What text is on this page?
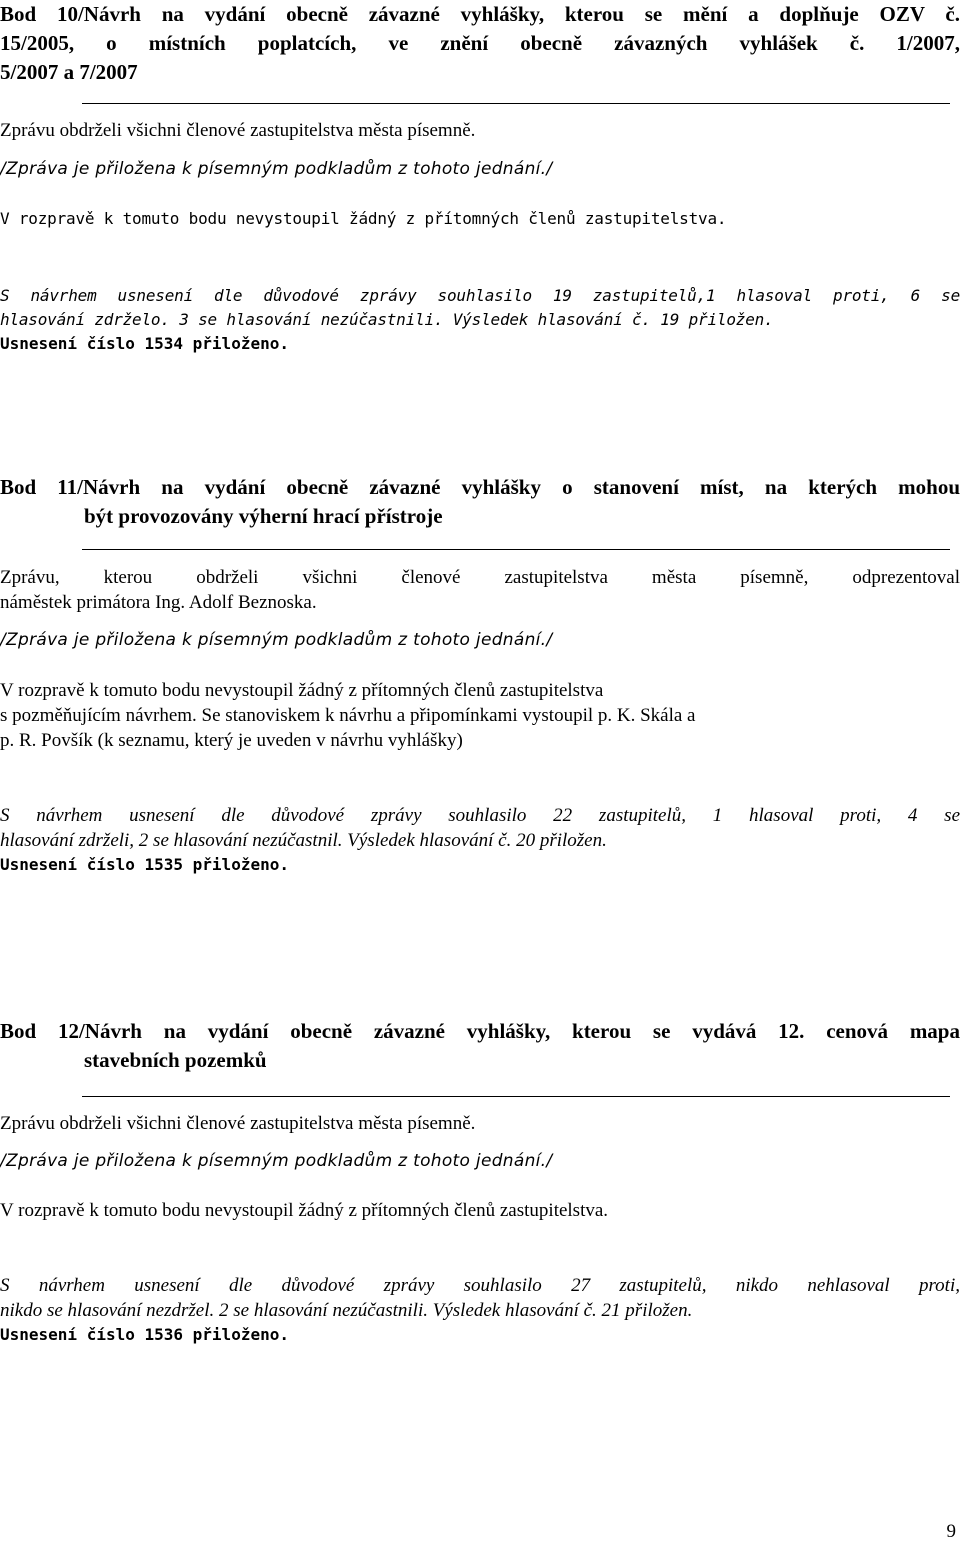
Bod 10/Návrh na vydání obecně závazné vyhlášky, kterou se mění a doplňuje OZV č.
15/2005, o místních poplatcích, ve znění obecně závazných vyhlášek č. 1/2007,
5/2007 a 7/2007

Zprávu obdrželi všichni členové zastupitelstva města písemně.

/Zpráva je přiložena k písemným podkladům z tohoto jednání./

V rozpravě k tomuto bodu nevystoupil žádný z přítomných členů zastupitelstva.

S návrhem usnesení dle důvodové zprávy souhlasilo 19 zastupitelů,1 hlasoval proti, 6 se

hlasování zdrželo. 3 se hlasování nezúčastnili. Výsledek hlasování č. 19 přiložen.

Usnesení číslo 1534 přiloženo.

Bod 11/Návrh na vydání obecně závazné vyhlášky o stanovení míst, na kterých mohou
být provozovány výherní hrací přístroje

Zprávu, kterou obdrželi všichni členové zastupitelstva města písemně, odprezentoval

náměstek primátora Ing. Adolf Beznoska.

/Zpráva je přiložena k písemným podkladům z tohoto jednání./

V rozpravě k tomuto bodu nevystoupil žádný z přítomných členů zastupitelstva

s pozměňujícím návrhem. Se stanoviskem k návrhu a připomínkami vystoupil p. K. Skála a

p. R. Povšík (k seznamu, který je uveden v návrhu vyhlášky)

S návrhem usnesení dle důvodové zprávy souhlasilo 22 zastupitelů, 1 hlasoval proti, 4 se

hlasování zdrželi, 2 se hlasování nezúčastnil. Výsledek hlasování č. 20 přiložen.

Usnesení číslo 1535 přiloženo.

Bod 12/Návrh na vydání obecně závazné vyhlášky, kterou se vydává 12. cenová mapa
stavebních pozemků

Zprávu obdrželi všichni členové zastupitelstva města písemně.

/Zpráva je přiložena k písemným podkladům z tohoto jednání./

V rozpravě k tomuto bodu nevystoupil žádný z přítomných členů zastupitelstva.

S návrhem usnesení dle důvodové zprávy souhlasilo 27 zastupitelů, nikdo nehlasoval proti,

nikdo se hlasování nezdržel. 2 se hlasování nezúčastnili. Výsledek hlasování č. 21 přiložen.

Usnesení číslo 1536 přiloženo.

9
